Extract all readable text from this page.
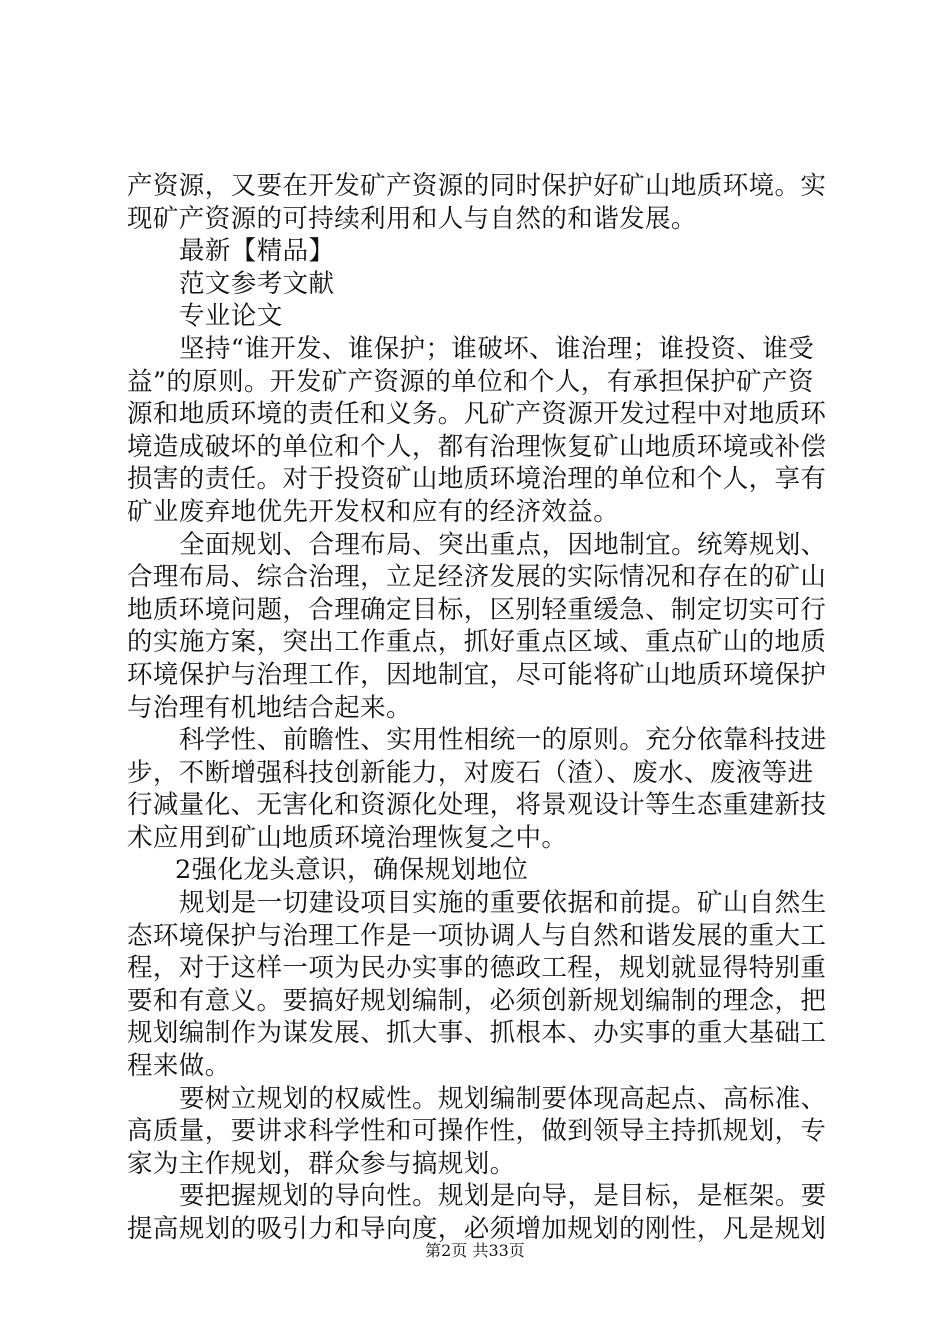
产资源，又要在开发矿产资源的同时保护好矿山地质环境。实
现矿产资源的可持续利用和人与自然的和谐发展。
最新【精品】
范文参考文献
专业论文
坚持“谁开发、谁保护；谁破坏、谁治理；谁投资、谁受
益”的原则。开发矿产资源的单位和个人，有承担保护矿产资
源和地质环境的责任和义务。凡矿产资源开发过程中对地质环
境造成破坏的单位和个人，都有治理恢复矿山地质环境或补偿
损害的责任。对于投资矿山地质环境治理的单位和个人，享有
矿业废弃地优先开发权和应有的经济效益。
全面规划、合理布局、突出重点，因地制宜。统筹规划、
合理布局、综合治理，立足经济发展的实际情况和存在的矿山
地质环境问题，合理确定目标，区别轻重缓急、制定切实可行
的实施方案，突出工作重点，抓好重点区域、重点矿山的地质
环境保护与治理工作，因地制宜，尽可能将矿山地质环境保护
与治理有机地结合起来。
科学性、前瞻性、实用性相统一的原则。充分依靠科技进
步，不断增强科技创新能力，对废石（渣）、废水、废液等进
行减量化、无害化和资源化处理，将景观设计等生态重建新技
术应用到矿山地质环境治理恢复之中。
2强化龙头意识，确保规划地位
规划是一切建设项目实施的重要依据和前提。矿山自然生
态环境保护与治理工作是一项协调人与自然和谐发展的重大工
程，对于这样一项为民办实事的德政工程，规划就显得特别重
要和有意义。要搞好规划编制，必须创新规划编制的理念，把
规划编制作为谋发展、抓大事、抓根本、办实事的重大基础工
程来做。
要树立规划的权威性。规划编制要体现高起点、高标准、
高质量，要讲求科学性和可操作性，做到领导主持抓规划，专
家为主作规划，群众参与搞规划。
要把握规划的导向性。规划是向导，是目标，是框架。要
提高规划的吸引力和导向度，必须增加规划的刚性，凡是规划
第2页 共33页
